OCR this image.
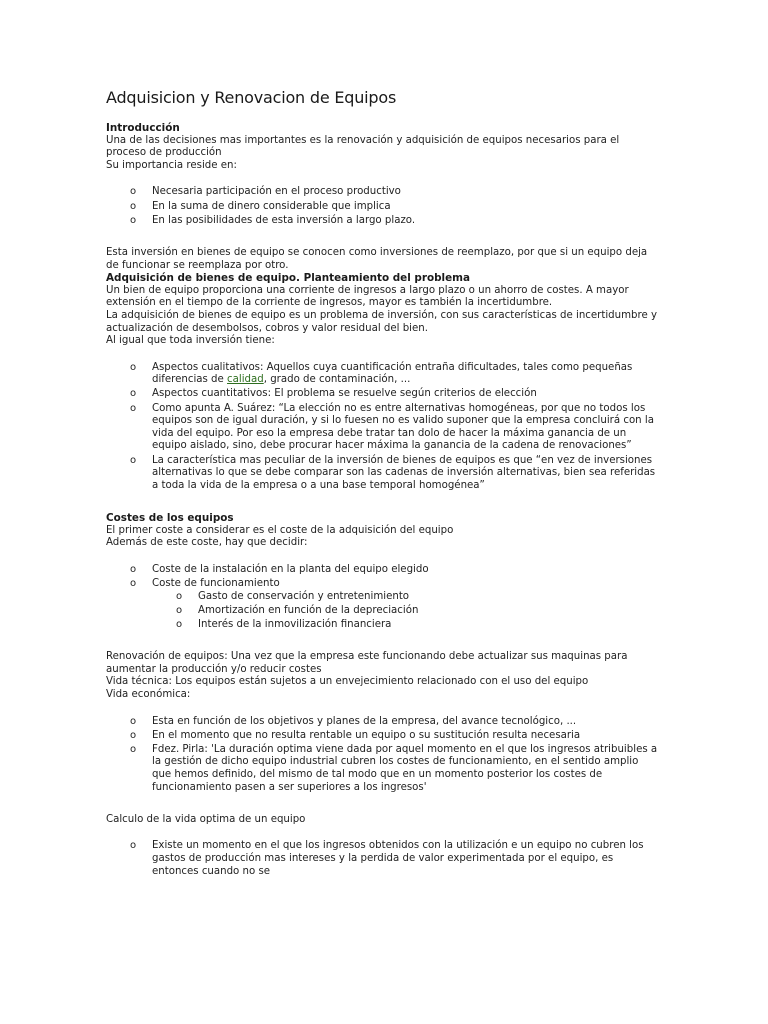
Adquisicion y Renovacion de Equipos
Introducción

Una de las decisiones mas importantes es la renovación y adquisición de equipos necesarios para el proceso de producción

Su importancia reside en:

o Necesaria participación en el proceso productivo
o En la suma de dinero considerable que implica
o En las posibilidades de esta inversión a largo plazo.

Esta inversión en bienes de equipo se conocen como inversiones de reemplazo, por que si un equipo deja de funcionar se reemplaza por otro.

Adquisición de bienes de equipo. Planteamiento del problema

Un bien de equipo proporciona una corriente de ingresos a largo plazo o un ahorro de costes. A mayor extensión en el tiempo de la corriente de ingresos, mayor es también la incertidumbre.

La adquisición de bienes de equipo es un problema de inversión, con sus características de incertidumbre y actualización de desembolsos, cobros y valor residual del bien.

Al igual que toda inversión tiene:

o Aspectos cualitativos: Aquellos cuya cuantificación entraña dificultades, tales como pequeñas diferencias de calidad, grado de contaminación, ...
o Aspectos cuantitativos: El problema se resuelve según criterios de elección
o Como apunta A. Suárez: “La elección no es entre alternativas homogéneas, por que no todos los equipos son de igual duración, y si lo fuesen no es valido suponer que la empresa concluirá con la vida del equipo. Por eso la empresa debe tratar tan dolo de hacer la máxima ganancia de un equipo aislado, sino, debe procurar hacer máxima la ganancia de la cadena de renovaciones”
o La característica mas peculiar de la inversión de bienes de equipos es que “en vez de inversiones alternativas lo que se debe comparar son las cadenas de inversión alternativas, bien sea referidas a toda la vida de la empresa o a una base temporal homogénea”
Costes de los equipos

El primer coste a considerar es el coste de la adquisición del equipo

Además de este coste, hay que decidir:

o Coste de la instalación en la planta del equipo elegido
o Coste de funcionamiento
o Gasto de conservación y entretenimiento
o Amortización en función de la depreciación
o Interés de la inmovilización financiera

Renovación de equipos: Una vez que la empresa este funcionando debe actualizar sus maquinas para aumentar la producción y/o reducir costes

Vida técnica: Los equipos están sujetos a un envejecimiento relacionado con el uso del equipo

Vida económica:

o Esta en función de los objetivos y planes de la empresa, del avance tecnológico, ...
o En el momento que no resulta rentable un equipo o su sustitución resulta necesaria
o Fdez. Pirla: 'La duración optima viene dada por aquel momento en el que los ingresos atribuibles a la gestión de dicho equipo industrial cubren los costes de funcionamiento, en el sentido amplio que hemos definido, del mismo de tal modo que en un momento posterior los costes de funcionamiento pasen a ser superiores a los ingresos'

Calculo de la vida optima de un equipo

o Existe un momento en el que los ingresos obtenidos con la utilización e un equipo no cubren los gastos de producción mas intereses y la perdida de valor experimentada por el equipo, es entonces cuando no se
